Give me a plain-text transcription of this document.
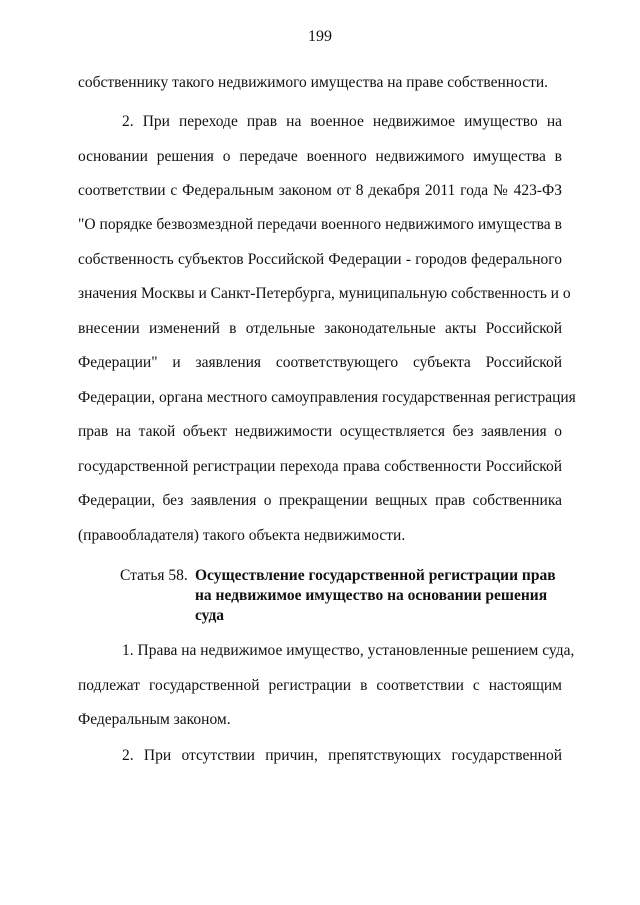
199
собственнику такого недвижимого имущества на праве собственности.
2. При переходе прав на военное недвижимое имущество на
основании решения о передаче военного недвижимого имущества в
соответствии с Федеральным законом от 8 декабря 2011 года № 423-ФЗ
"О порядке безвозмездной передачи военного недвижимого имущества в
собственность субъектов Российской Федерации - городов федерального
значения Москвы и Санкт-Петербурга, муниципальную собственность и о
внесении изменений в отдельные законодательные акты Российской
Федерации" и заявления соответствующего субъекта Российской
Федерации, органа местного самоуправления государственная регистрация
прав на такой объект недвижимости осуществляется без заявления о
государственной регистрации перехода права собственности Российской
Федерации, без заявления о прекращении вещных прав собственника
(правообладателя) такого объекта недвижимости.
Статья 58. Осуществление государственной регистрации прав
на недвижимое имущество на основании решения
суда
1. Права на недвижимое имущество, установленные решением суда,
подлежат государственной регистрации в соответствии с настоящим
Федеральным законом.
2. При отсутствии причин, препятствующих государственной
